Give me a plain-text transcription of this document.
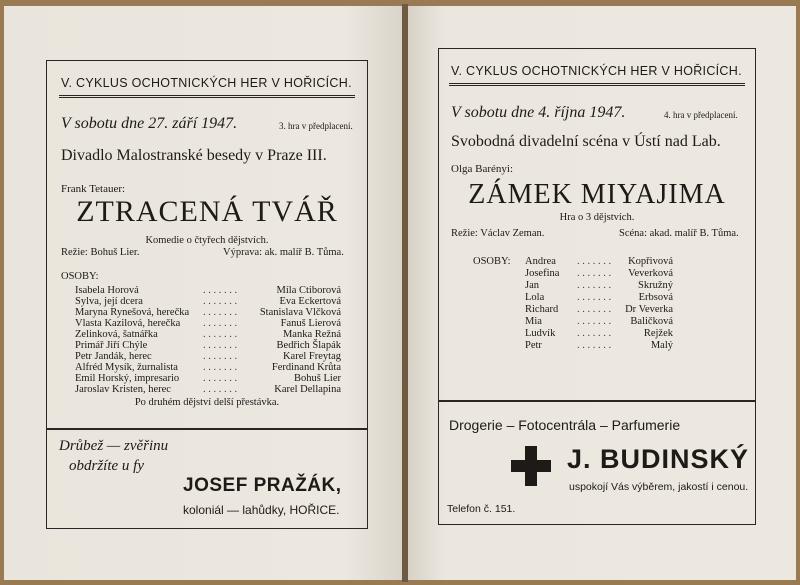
V. CYKLUS OCHOTNICKÝCH HER V HOŘICÍCH.
V sobotu dne 27. září 1947.	3. hra v předplacení.
Divadlo Malostranské besedy v Praze III.
Frank Tetauer:
ZTRACENÁ TVÁŘ
Komedie o čtyřech dějstvích.
Režie: Bohuš Lier.	Výprava: ak. malíř B. Tůma.
OSOBY:
Isabela Horová	. . . . . . .	Míla Ctiborová
Sylva, její dcera	. . . . . . .	Eva Eckertová
Maryna Rynešová, herečka . . . . . . . Stanislava Vlčková
Vlasta Kazilová, herečka . . . . . . .	Fanuš Lierová
Zelinková, šatnářka	. . . . . . .	Manka Režná
Primář Jiří Chýle	. . . . . . .	Bedřich Šlapák
Petr Jandák, herec	. . . . . . .	Karel Freytag
Alfréd Mysík, žurnalista . . . . . . .	Ferdinand Krůta
Emil Horský, impresario . . . . . . .	Bohuš Lier
Jaroslav Kristen, herec	. . . . . . .	Karel Dellapina
Po druhém dějství delší přestávka.
Drůbež — zvěřinu
obdržíte u fy
JOSEF PRAŽÁK,
koloniál — lahůdky, HOŘICE.
V. CYKLUS OCHOTNICKÝCH HER V HOŘICÍCH.
V sobotu dne 4. října 1947.	4. hra v předplacení.
Svobodná divadelní scéna v Ústí nad Lab.
Olga Barényi:
ZÁMEK MIYAJIMA
Hra o 3 dějstvích.
Režie: Václav Zeman.	Scéna: akad. malíř B. Tůma.
OSOBY: Andrea . . . . . . . Kopřivová
Josefina . . . . . . . Veverková
Jan	. . . . . . .	Skružný
Lola	. . . . . . .	Erbsová
Richard . . . . . . . Dr Veverka
Mia	. . . . . . . Baličková
Ludvík . . . . . . .	Rejžek
Petr	. . . . . . .	Malý
Drogerie – Fotocentrála – Parfumerie
J. BUDINSKÝ
uspokojí Vás výběrem, jakostí i cenou.
Telefon č. 151.
